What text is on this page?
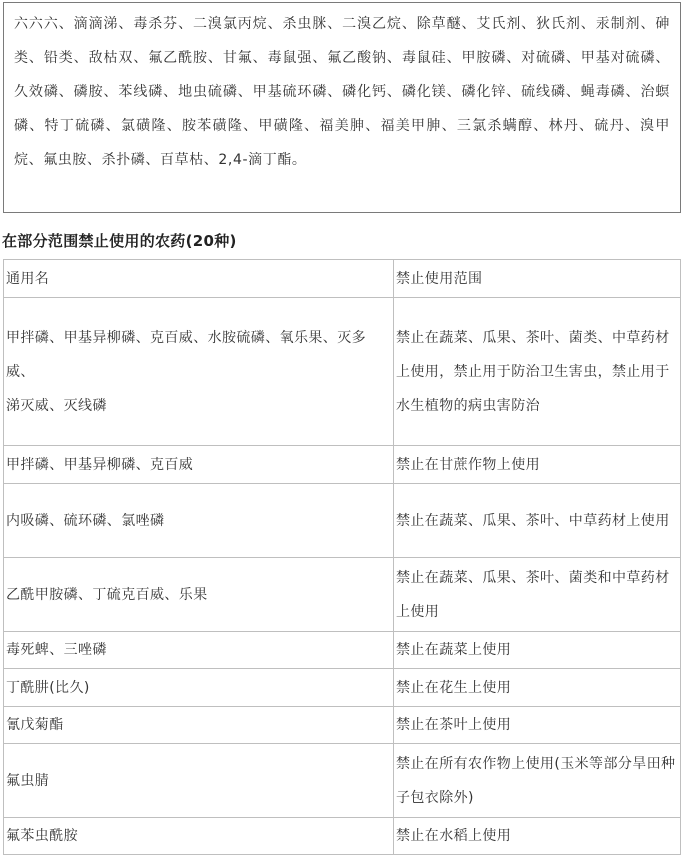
六六六、滴滴涕、毒杀芬、二溴氯丙烷、杀虫脒、二溴乙烷、除草醚、艾氏剂、狄氏剂、汞制剂、砷类、铅类、敌枯双、氟乙酰胺、甘氟、毒鼠强、氟乙酸钠、毒鼠硅、甲胺磷、对硫磷、甲基对硫磷、久效磷、磷胺、苯线磷、地虫硫磷、甲基硫环磷、磷化钙、磷化镁、磷化锌、硫线磷、蝇毒磷、治螟磷、特丁硫磷、氯磺隆、胺苯磺隆、甲磺隆、福美胂、福美甲胂、三氯杀螨醇、林丹、硫丹、溴甲烷、氟虫胺、杀扑磷、百草枯、2,4-滴丁酯。
在部分范围禁止使用的农药(20种)
通用名	禁止使用范围
甲拌磷、甲基异柳磷、克百威、水胺硫磷、氧乐果、灭多威、
涕灭威、灭线磷	禁止在蔬菜、瓜果、茶叶、菌类、中草药材上使用，禁止用于防治卫生害虫，禁止用于水生植物的病虫害防治
甲拌磷、甲基异柳磷、克百威	禁止在甘蔗作物上使用
内吸磷、硫环磷、氯唑磷	禁止在蔬菜、瓜果、茶叶、中草药材上使用
乙酰甲胺磷、丁硫克百威、乐果	禁止在蔬菜、瓜果、茶叶、菌类和中草药材上使用
毒死蜱、三唑磷	禁止在蔬菜上使用
丁酰肼(比久)	禁止在花生上使用
氰戊菊酯	禁止在茶叶上使用
氟虫腈	禁止在所有农作物上使用(玉米等部分旱田种子包衣除外)
氟苯虫酰胺	禁止在水稻上使用
